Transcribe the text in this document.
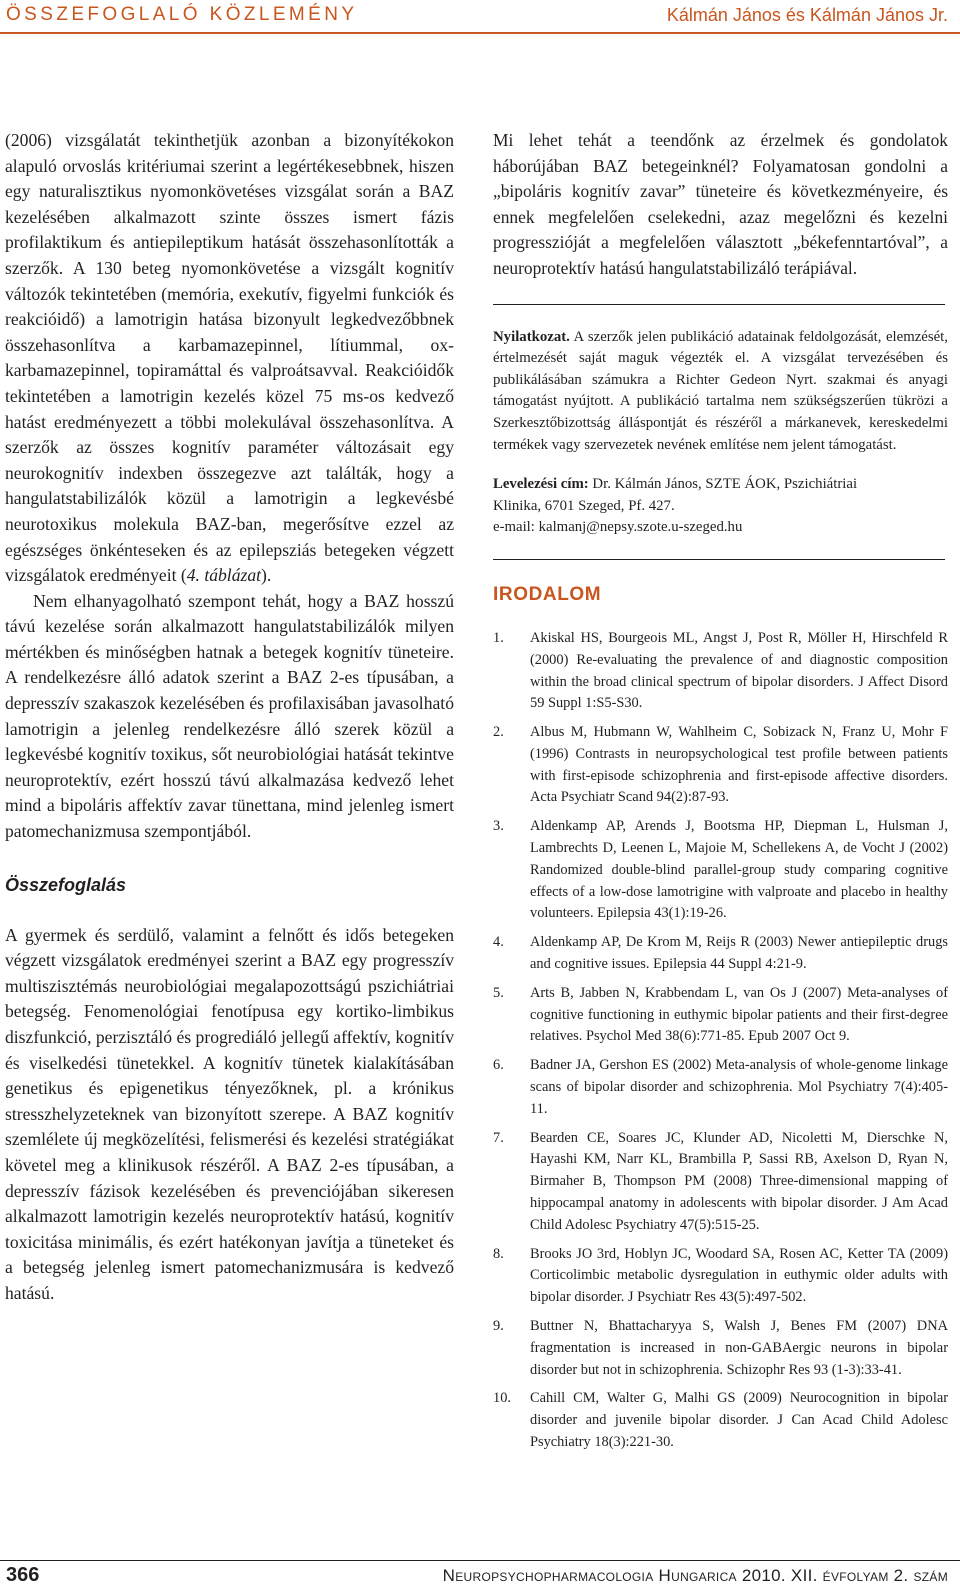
ÖSSZEFOGLALÓ KÖZLEMÉNY	Kálmán János és Kálmán János Jr.

(2006) vizsgálatát tekinthetjük azonban a bizonyítékokon alapuló orvoslás kritériumai szerint a legértékesebbnek, hiszen egy naturalisztikus nyomonkövetéses vizsgálat során a BAZ kezelésében alkalmazott szinte összes ismert fázis profilaktikum és antiepileptikum hatását összehasonlították a szerzők. A 130 beteg nyomonkövetése a vizsgált kognitív változók tekintetében (memória, exekutív, figyelmi funkciók és reakcióidő) a lamotrigin hatása bizonyult legkedvezőbbnek összehasonlítva a karbamazepinnel, lítiummal, ox-karbamazepinnel, topiramáttal és valproátsavval. Reakcióidők tekintetében a lamotrigin kezelés közel 75 ms-os kedvező hatást eredményezett a többi molekulával összehasonlítva. A szerzők az összes kognitív paraméter változásait egy neurokognitív indexben összegezve azt találták, hogy a hangulatstabilizálók közül a lamotrigin a legkevésbé neurotoxikus molekula BAZ-ban, megerősítve ezzel az egészséges önkénteseken és az epilepsziás betegeken végzett vizsgálatok eredményeit (4. táblázat).

Nem elhanyagolható szempont tehát, hogy a BAZ hosszú távú kezelése során alkalmazott hangulatstabilizálók milyen mértékben és minőségben hatnak a betegek kognitív tüneteire. A rendelkezésre álló adatok szerint a BAZ 2-es típusában, a depresszív szakaszok kezelésében és profilaxisában javasolható lamotrigin a jelenleg rendelkezésre álló szerek közül a legkevésbé kognitív toxikus, sőt neurobiológiai hatását tekintve neuroprotektív, ezért hosszú távú alkalmazása kedvező lehet mind a bipoláris affektív zavar tünettana, mind jelenleg ismert patomechanizmusa szempontjából.

Összefoglalás

A gyermek és serdülő, valamint a felnőtt és idős betegeken végzett vizsgálatok eredményei szerint a BAZ egy progresszív multiszisztémás neurobiológiai megalapozottságú pszichiátriai betegség. Fenomenológiai fenotípusa egy kortiko-limbikus diszfunkció, perzisztáló és progrediáló jellegű affektív, kognitív és viselkedési tünetekkel. A kognitív tünetek kialakításában genetikus és epigenetikus tényezőknek, pl. a krónikus stresszhelyzeteknek van bizonyított szerepe. A BAZ kognitív szemlélete új megközelítési, felismerési és kezelési stratégiákat követel meg a klinikusok részéről. A BAZ 2-es típusában, a depresszív fázisok kezelésében és prevenciójában sikeresen alkalmazott lamotrigin kezelés neuroprotektív hatású, kognitív toxicitása minimális, és ezért hatékonyan javítja a tüneteket és a betegség jelenleg ismert patomechanizmusára is kedvező hatású.

Mi lehet tehát a teendőnk az érzelmek és gondolatok háborújában BAZ betegeinknél? Folyamatosan gondolni a „bipoláris kognitív zavar” tüneteire és következményeire, és ennek megfelelően cselekedni, azaz megelőzni és kezelni progresszióját a megfelelően választott „békefenntartóval”, a neuroprotektív hatású hangulatstabilizáló terápiával.

Nyilatkozat. A szerzők jelen publikáció adatainak feldolgozását, elemzését, értelmezését saját maguk végezték el. A vizsgálat tervezésében és publikálásában számukra a Richter Gedeon Nyrt. szakmai és anyagi támogatást nyújtott. A publikáció tartalma nem szükségszerűen tükrözi a Szerkesztőbizottság álláspontját és részéről a márkanevek, kereskedelmi termékek vagy szervezetek nevének említése nem jelent támogatást.

Levelezési cím: Dr. Kálmán János, SZTE ÁOK, Pszichiátriai
Klinika, 6701 Szeged, Pf. 427.
e-mail: kalmanj@nepsy.szote.u-szeged.hu

IRODALOM
1. Akiskal HS, Bourgeois ML, Angst J, Post R, Möller H, Hirschfeld R (2000) Re-evaluating the prevalence of and diagnostic composition within the broad clinical spectrum of bipolar disorders. J Affect Disord 59 Suppl 1:S5-S30.
2. Albus M, Hubmann W, Wahlheim C, Sobizack N, Franz U, Mohr F (1996) Contrasts in neuropsychological test profile between patients with first-episode schizophrenia and first-episode affective disorders. Acta Psychiatr Scand 94(2):87-93.
3. Aldenkamp AP, Arends J, Bootsma HP, Diepman L, Hulsman J, Lambrechts D, Leenen L, Majoie M, Schellekens A, de Vocht J (2002) Randomized double-blind parallel-group study comparing cognitive effects of a low-dose lamotrigine with valproate and placebo in healthy volunteers. Epilepsia 43(1):19-26.
4. Aldenkamp AP, De Krom M, Reijs R (2003) Newer antiepileptic drugs and cognitive issues. Epilepsia 44 Suppl 4:21-9.
5. Arts B, Jabben N, Krabbendam L, van Os J (2007) Meta-analyses of cognitive functioning in euthymic bipolar patients and their first-degree relatives. Psychol Med 38(6):771-85. Epub 2007 Oct 9.
6. Badner JA, Gershon ES (2002) Meta-analysis of whole-genome linkage scans of bipolar disorder and schizophrenia. Mol Psychiatry 7(4):405-11.
7. Bearden CE, Soares JC, Klunder AD, Nicoletti M, Dierschke N, Hayashi KM, Narr KL, Brambilla P, Sassi RB, Axelson D, Ryan N, Birmaher B, Thompson PM (2008) Three-dimensional mapping of hippocampal anatomy in adolescents with bipolar disorder. J Am Acad Child Adolesc Psychiatry 47(5):515-25.
8. Brooks JO 3rd, Hoblyn JC, Woodard SA, Rosen AC, Ketter TA (2009) Corticolimbic metabolic dysregulation in euthymic older adults with bipolar disorder. J Psychiatr Res 43(5):497-502.
9. Buttner N, Bhattacharyya S, Walsh J, Benes FM (2007) DNA fragmentation is increased in non-GABAergic neurons in bipolar disorder but not in schizophrenia. Schizophr Res 93 (1-3):33-41.
10. Cahill CM, Walter G, Malhi GS (2009) Neurocognition in bipolar disorder and juvenile bipolar disorder. J Can Acad Child Adolesc Psychiatry 18(3):221-30.
366	Neuropsychopharmacologia Hungarica 2010. XII. évfolyam 2. szám
